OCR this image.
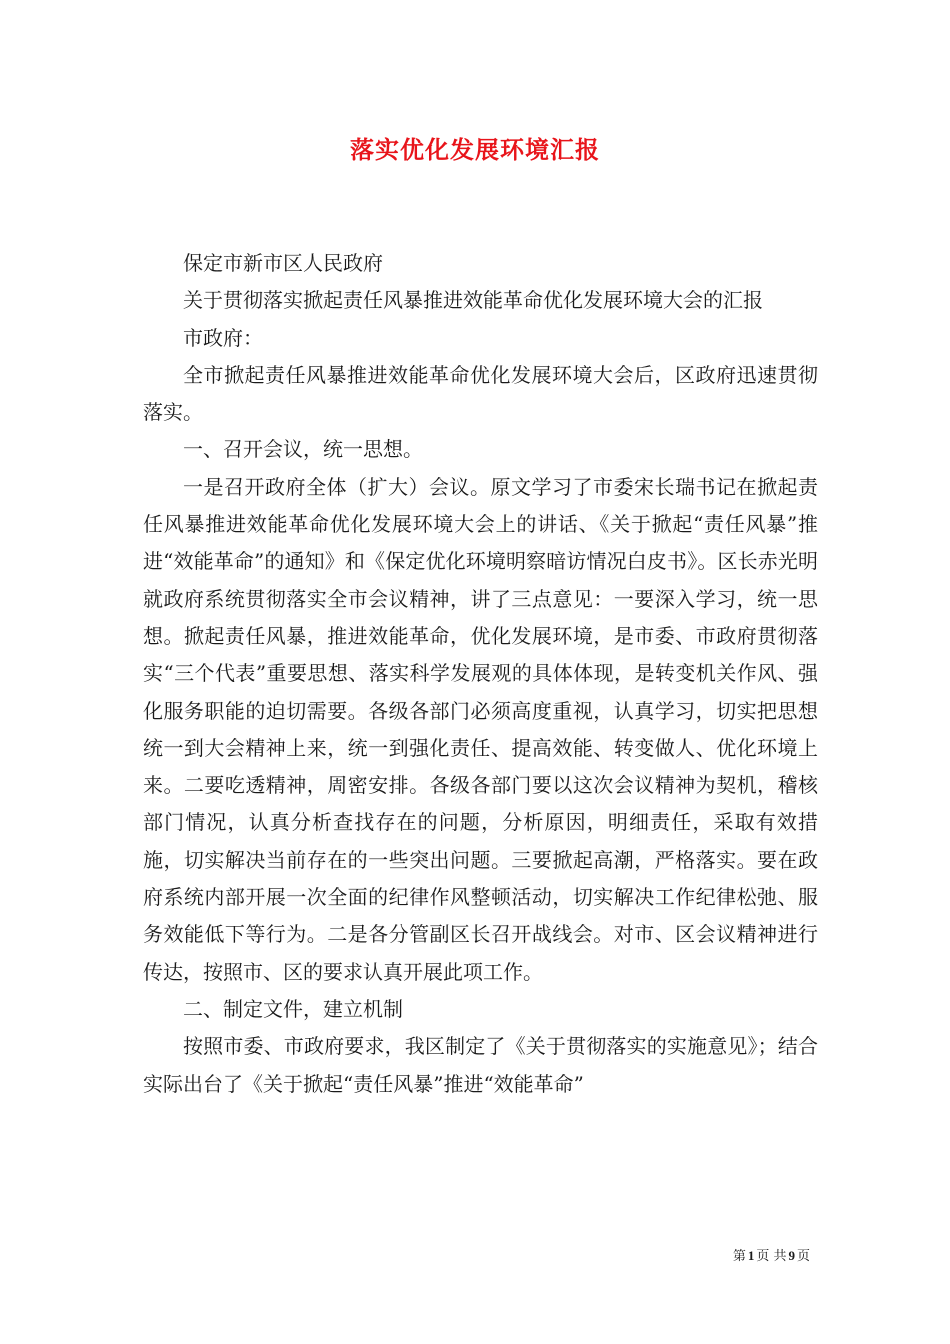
落实优化发展环境汇报

保定市新市区人民政府

关于贯彻落实掀起责任风暴推进效能革命优化发展环境大会的汇报

市政府：

全市掀起责任风暴推进效能革命优化发展环境大会后，区政府迅速贯彻落实。

一、召开会议，统一思想。

一是召开政府全体（扩大）会议。原文学习了市委宋长瑞书记在掀起责任风暴推进效能革命优化发展环境大会上的讲话、《关于掀起“责任风暴”推进“效能革命”的通知》和《保定优化环境明察暗访情况白皮书》。区长赤光明就政府系统贯彻落实全市会议精神，讲了三点意见：一要深入学习，统一思想。掀起责任风暴，推进效能革命，优化发展环境，是市委、市政府贯彻落实“三个代表”重要思想、落实科学发展观的具体体现，是转变机关作风、强化服务职能的迫切需要。各级各部门必须高度重视，认真学习，切实把思想统一到大会精神上来，统一到强化责任、提高效能、转变做人、优化环境上来。二要吃透精神，周密安排。各级各部门要以这次会议精神为契机，稽核部门情况，认真分析查找存在的问题，分析原因，明细责任，采取有效措施，切实解决当前存在的一些突出问题。三要掀起高潮，严格落实。要在政府系统内部开展一次全面的纪律作风整顿活动，切实解决工作纪律松弛、服务效能低下等行为。二是各分管副区长召开战线会。对市、区会议精神进行传达，按照市、区的要求认真开展此项工作。

二、制定文件，建立机制

按照市委、市政府要求，我区制定了《关于贯彻落实的实施意见》；结合实际出台了《关于掀起“责任风暴”推进“效能革命”

第 1 页 共 9 页
